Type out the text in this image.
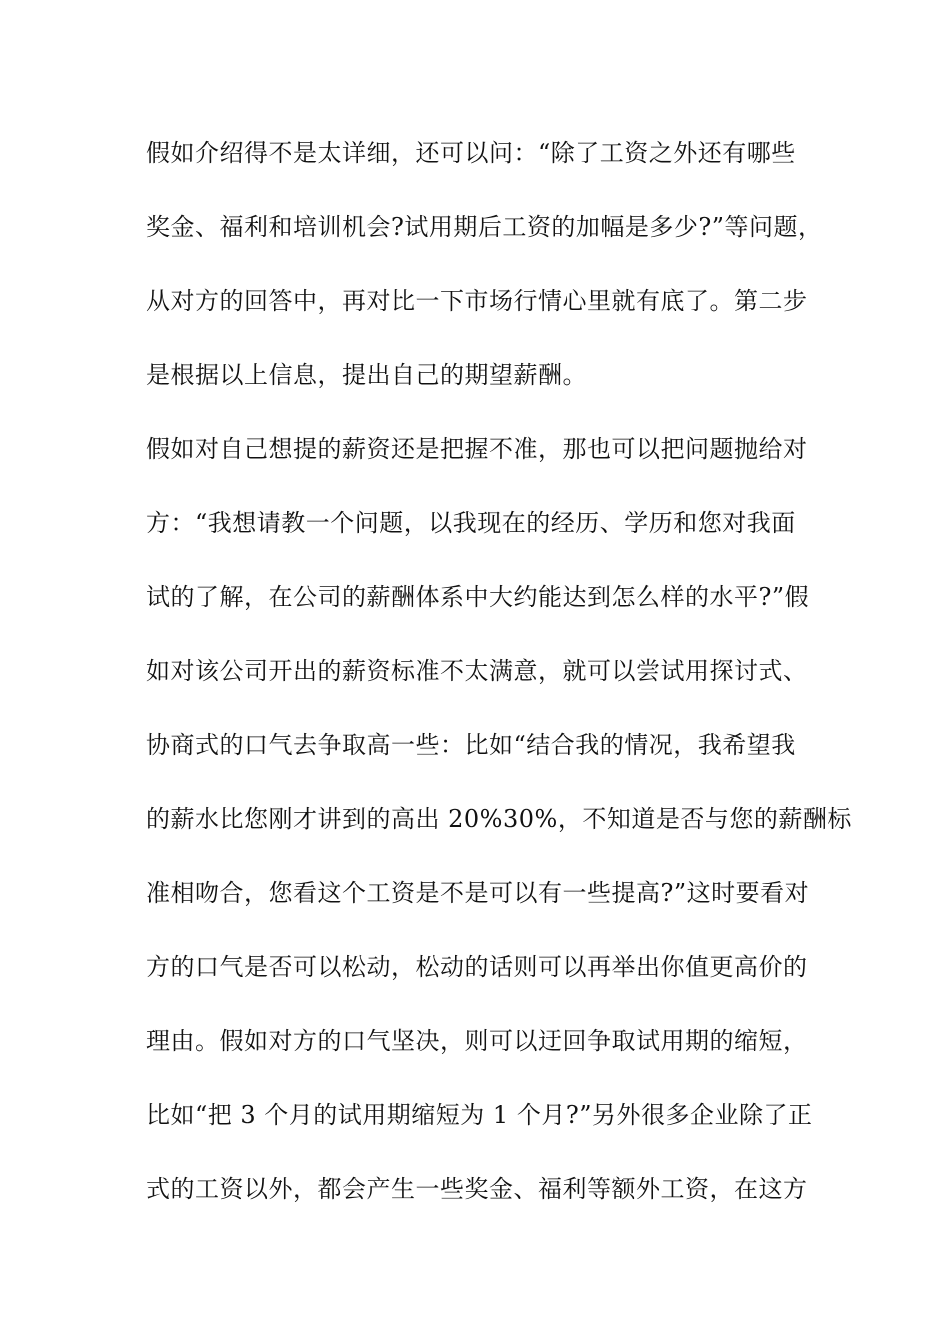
假如介绍得不是太详细，还可以问：“除了工资之外还有哪些
奖金、福利和培训机会?试用期后工资的加幅是多少?”等问题，
从对方的回答中，再对比一下市场行情心里就有底了。第二步
是根据以上信息，提出自己的期望薪酬。
假如对自己想提的薪资还是把握不准，那也可以把问题抛给对
方：“我想请教一个问题，以我现在的经历、学历和您对我面
试的了解，在公司的薪酬体系中大约能达到怎么样的水平?”假
如对该公司开出的薪资标准不太满意，就可以尝试用探讨式、
协商式的口气去争取高一些：比如“结合我的情况，我希望我
的薪水比您刚才讲到的高出 20%30%，不知道是否与您的薪酬标
准相吻合，您看这个工资是不是可以有一些提高?”这时要看对
方的口气是否可以松动，松动的话则可以再举出你值更高价的
理由。假如对方的口气坚决，则可以迂回争取试用期的缩短，
比如“把 3 个月的试用期缩短为 1 个月?”另外很多企业除了正
式的工资以外，都会产生一些奖金、福利等额外工资，在这方
